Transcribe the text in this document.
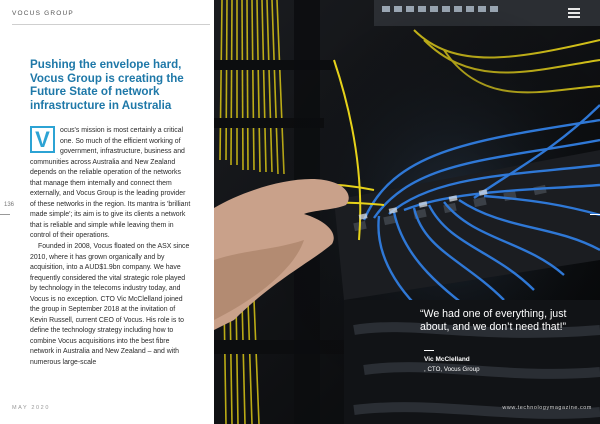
VOCUS GROUP
Pushing the envelope hard, Vocus Group is creating the Future State of network infrastructure in Australia

ocus's mission is most certainly a critical one. So much of the efficient working of government, infrastructure, business and communities across Australia and New Zealand depends on the reliable operation of the networks that manage them internally and connect them externally, and Vocus Group is the leading provider of these networks in the region. Its mantra is 'brilliant made simple'; its aim is to give its clients a network that is reliable and simple while leaving them in control of their operations.

Founded in 2008, Vocus floated on the ASX since 2010, where it has grown organically and by acquisition, into a AUD$1.9bn company. We have frequently considered the vital strategic role played by technology in the telecoms industry today, and Vocus is no exception. CTO Vic McClelland joined the group in September 2018 at the invitation of Kevin Russell, current CEO of Vocus. His role is to define the technology strategy including how to combine Vocus acquisitions into the best fibre network in Australia and New Zealand – and with numerous large-scale

V
136
MAY 2020
“We had one of everything, just about, and we don’t need that!”
Vic McClelland
, CTO, Vocus Group
www.technologymagazine.com
